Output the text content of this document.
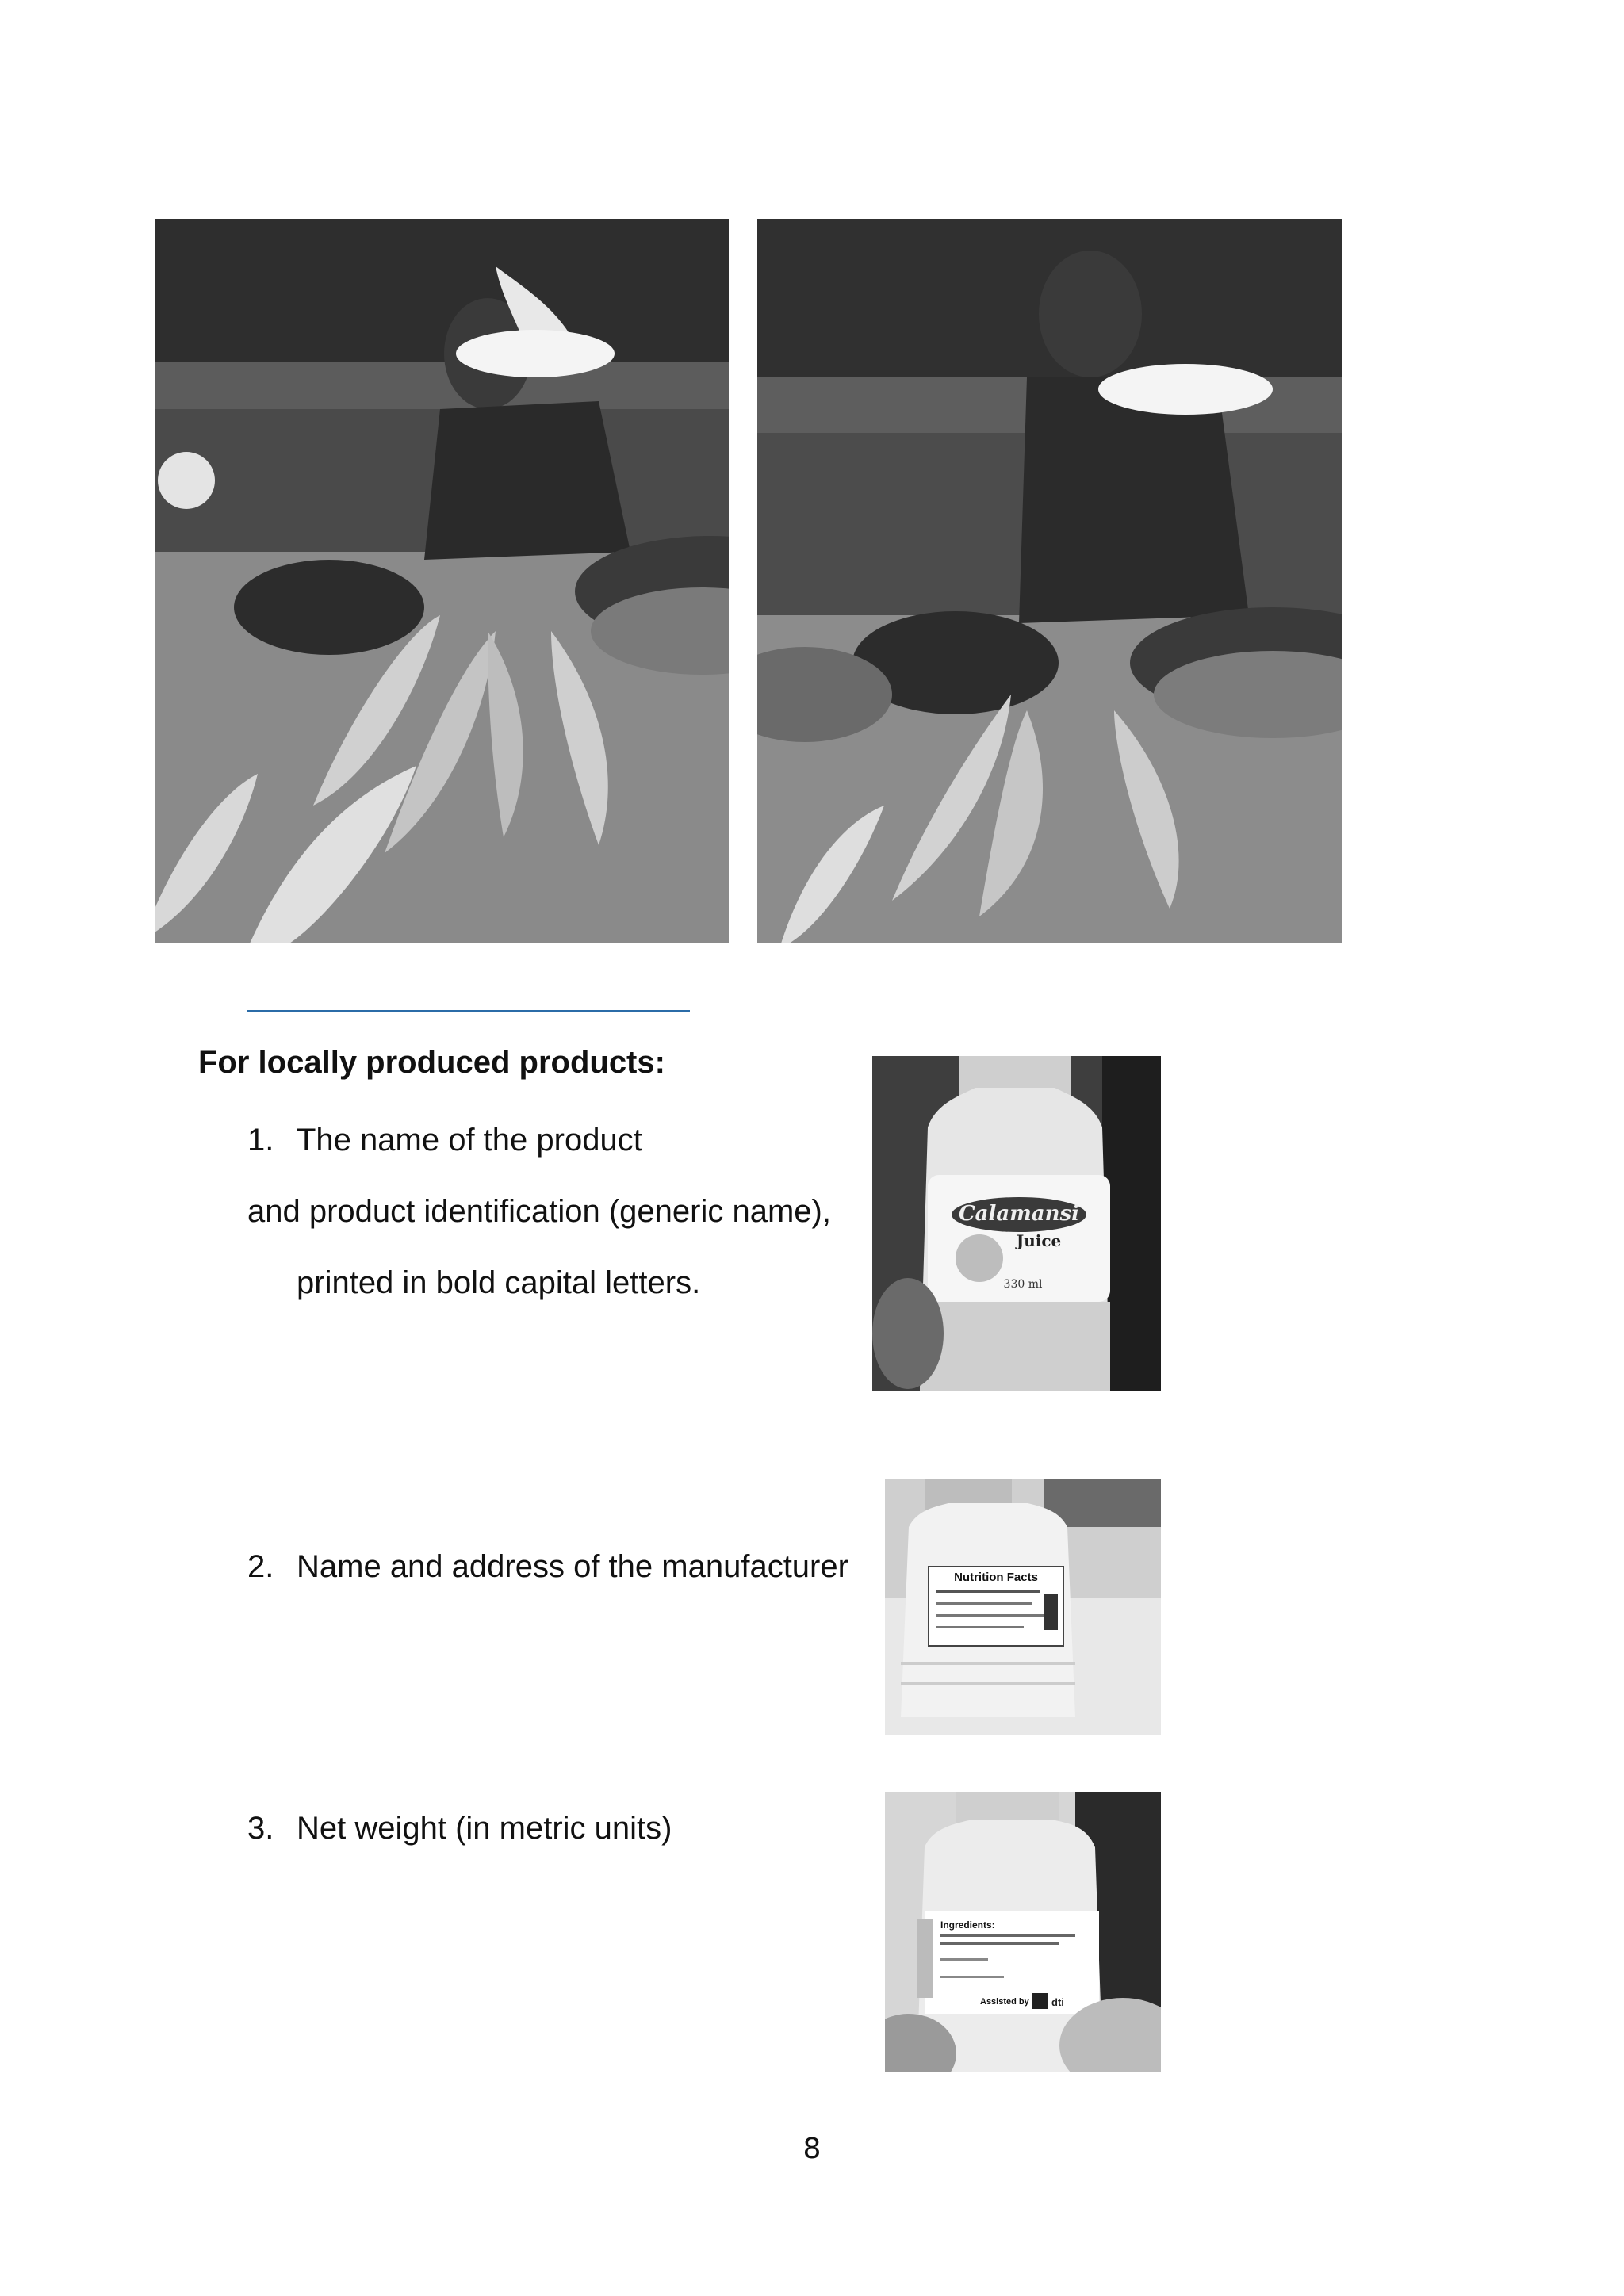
For locally produced products:
1. The name of the product
and product identification (generic name),
printed in bold capital letters.
2. Name and address of the manufacturer
3. Net weight (in metric units)
Calamansi
Juice
330 ml
Nutrition Facts
Ingredients:
Assisted by dti
8
